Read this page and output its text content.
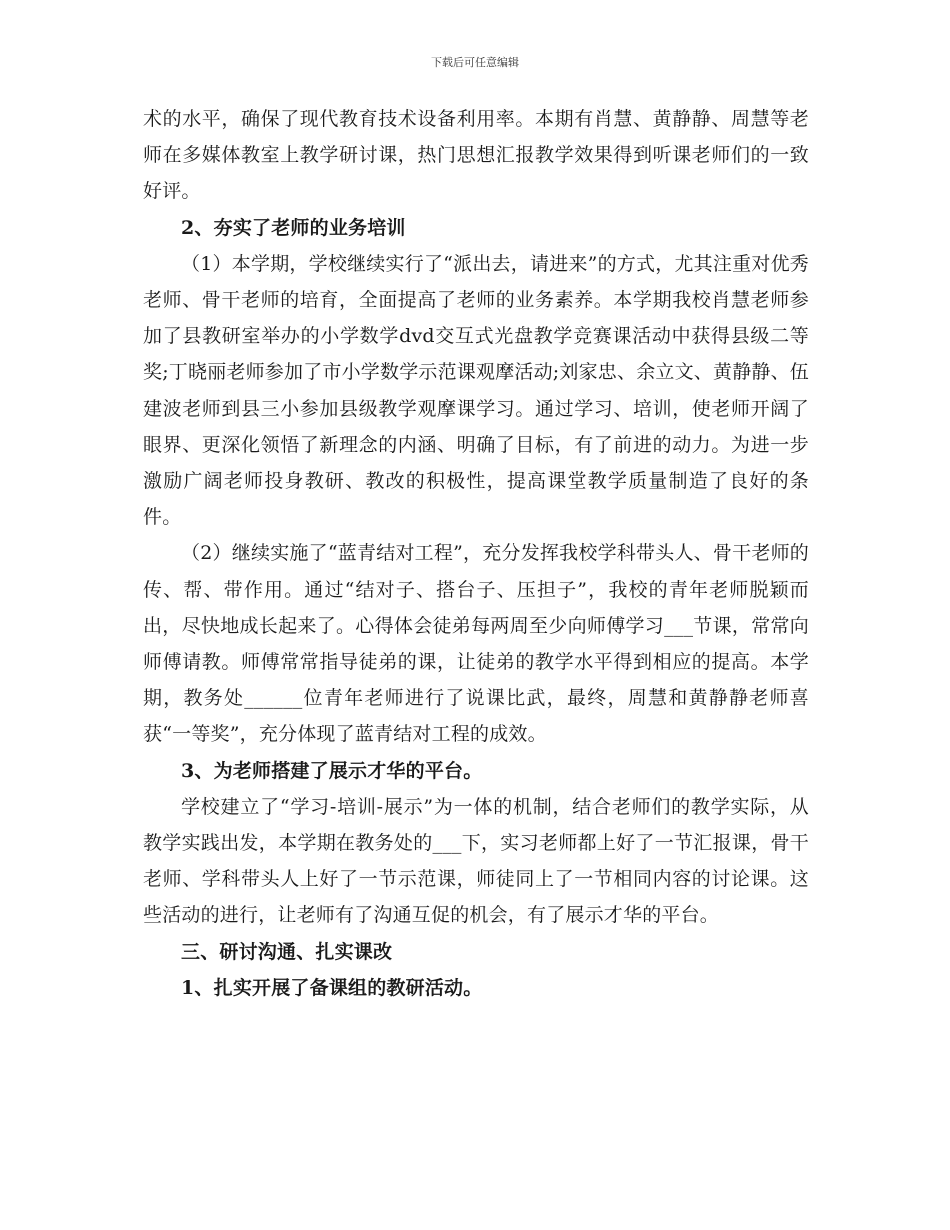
下载后可任意编辑

术的水平，确保了现代教育技术设备利用率。本期有肖慧、黄静静、周慧等老师在多媒体教室上教学研讨课，热门思想汇报教学效果得到听课老师们的一致好评。

2、夯实了老师的业务培训

（1）本学期，学校继续实行了“派出去，请进来”的方式，尤其注重对优秀老师、骨干老师的培育，全面提高了老师的业务素养。本学期我校肖慧老师参加了县教研室举办的小学数学dvd交互式光盘教学竞赛课活动中获得县级二等奖;丁晓丽老师参加了市小学数学示范课观摩活动;刘家忠、余立文、黄静静、伍建波老师到县三小参加县级教学观摩课学习。通过学习、培训，使老师开阔了眼界、更深化领悟了新理念的内涵、明确了目标，有了前进的动力。为进一步激励广阔老师投身教研、教改的积极性，提高课堂教学质量制造了良好的条件。

（2）继续实施了“蓝青结对工程”，充分发挥我校学科带头人、骨干老师的传、帮、带作用。通过“结对子、搭台子、压担子”，我校的青年老师脱颖而出，尽快地成长起来了。心得体会徒弟每两周至少向师傅学习___节课，常常向师傅请教。师傅常常指导徒弟的课，让徒弟的教学水平得到相应的提高。本学期，教务处______位青年老师进行了说课比武，最终，周慧和黄静静老师喜获“一等奖”，充分体现了蓝青结对工程的成效。

3、为老师搭建了展示才华的平台。

学校建立了“学习-培训-展示”为一体的机制，结合老师们的教学实际，从教学实践出发，本学期在教务处的___下，实习老师都上好了一节汇报课，骨干老师、学科带头人上好了一节示范课，师徒同上了一节相同内容的讨论课。这些活动的进行，让老师有了沟通互促的机会，有了展示才华的平台。

三、研讨沟通、扎实课改

1、扎实开展了备课组的教研活动。
